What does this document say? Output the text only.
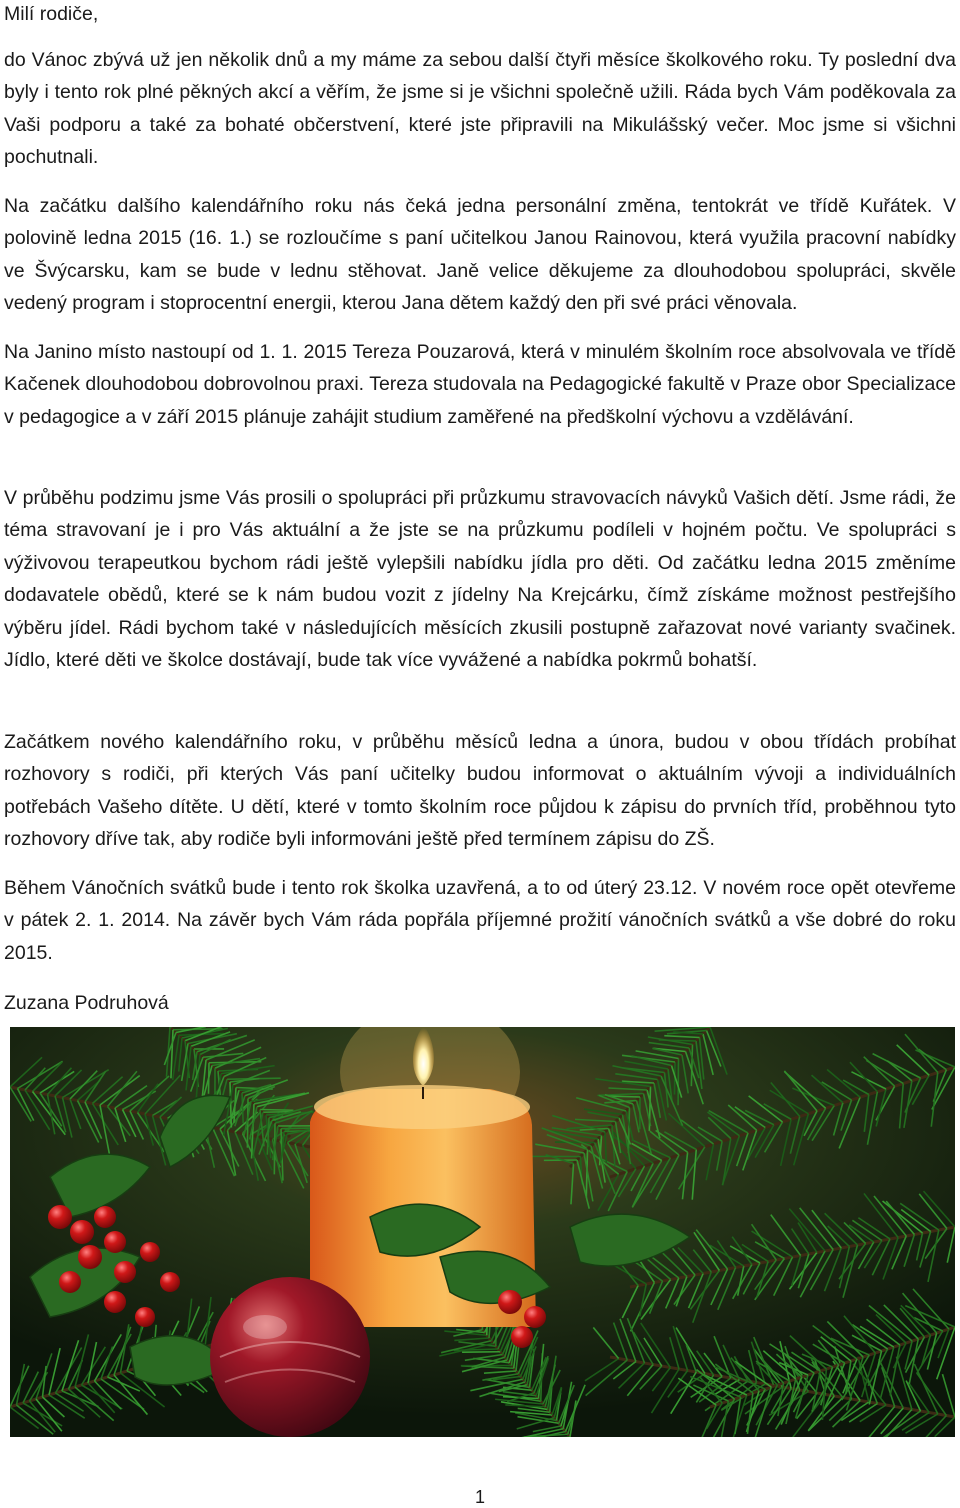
Milí rodiče,

do Vánoc zbývá už jen několik dnů a my máme za sebou další čtyři měsíce školkového roku. Ty poslední dva byly i tento rok plné pěkných akcí a věřím, že jsme si je všichni společně užili. Ráda bych Vám poděkovala za Vaši podporu a také za bohaté občerstvení, které jste připravili na Mikulášský večer. Moc jsme si všichni pochutnali.

Na začátku dalšího kalendářního roku nás čeká jedna personální změna, tentokrát ve třídě Kuřátek. V polovině ledna 2015 (16. 1.) se rozloučíme s paní učitelkou Janou Rainovou, která využila pracovní nabídky ve Švýcarsku, kam se bude v lednu stěhovat. Janě velice děkujeme za dlouhodobou spolupráci, skvěle vedený program i stoprocentní energii, kterou Jana dětem každý den při své práci věnovala.

Na Janino místo nastoupí od 1. 1. 2015 Tereza Pouzarová, která v minulém školním roce absolvovala ve třídě Kačenek dlouhodobou dobrovolnou praxi. Tereza studovala na Pedagogické fakultě v Praze obor Specializace v pedagogice a v září 2015 plánuje zahájit studium zaměřené na předškolní výchovu a vzdělávání.

V průběhu podzimu jsme Vás prosili o spolupráci při průzkumu stravovacích návyků Vašich dětí. Jsme rádi, že téma stravovaní je i pro Vás aktuální a že jste se na průzkumu podíleli v hojném počtu. Ve spolupráci s výživovou terapeutkou bychom rádi ještě vylepšili nabídku jídla pro děti. Od začátku ledna 2015 změníme dodavatele obědů, které se k nám budou vozit z jídelny Na Krejcárku, čímž získáme možnost pestřejšího výběru jídel. Rádi bychom také v následujících měsících zkusili postupně zařazovat nové varianty svačinek. Jídlo, které děti ve školce dostávají, bude tak více vyvážené a nabídka pokrmů bohatší.

Začátkem nového kalendářního roku, v průběhu měsíců ledna a února, budou v obou třídách probíhat rozhovory s rodiči, při kterých Vás paní učitelky budou informovat o aktuálním vývoji a individuálních potřebách Vašeho dítěte. U dětí, které v tomto školním roce půjdou k zápisu do prvních tříd, proběhnou tyto rozhovory dříve tak, aby rodiče byli informováni ještě před termínem zápisu do ZŠ.

Během Vánočních svátků bude i tento rok školka uzavřená, a to od úterý 23.12. V novém roce opět otevřeme v pátek 2. 1. 2014. Na závěr bych Vám ráda popřála příjemné prožití vánočních svátků a vše dobré do roku 2015.

Zuzana Podruhová
1
